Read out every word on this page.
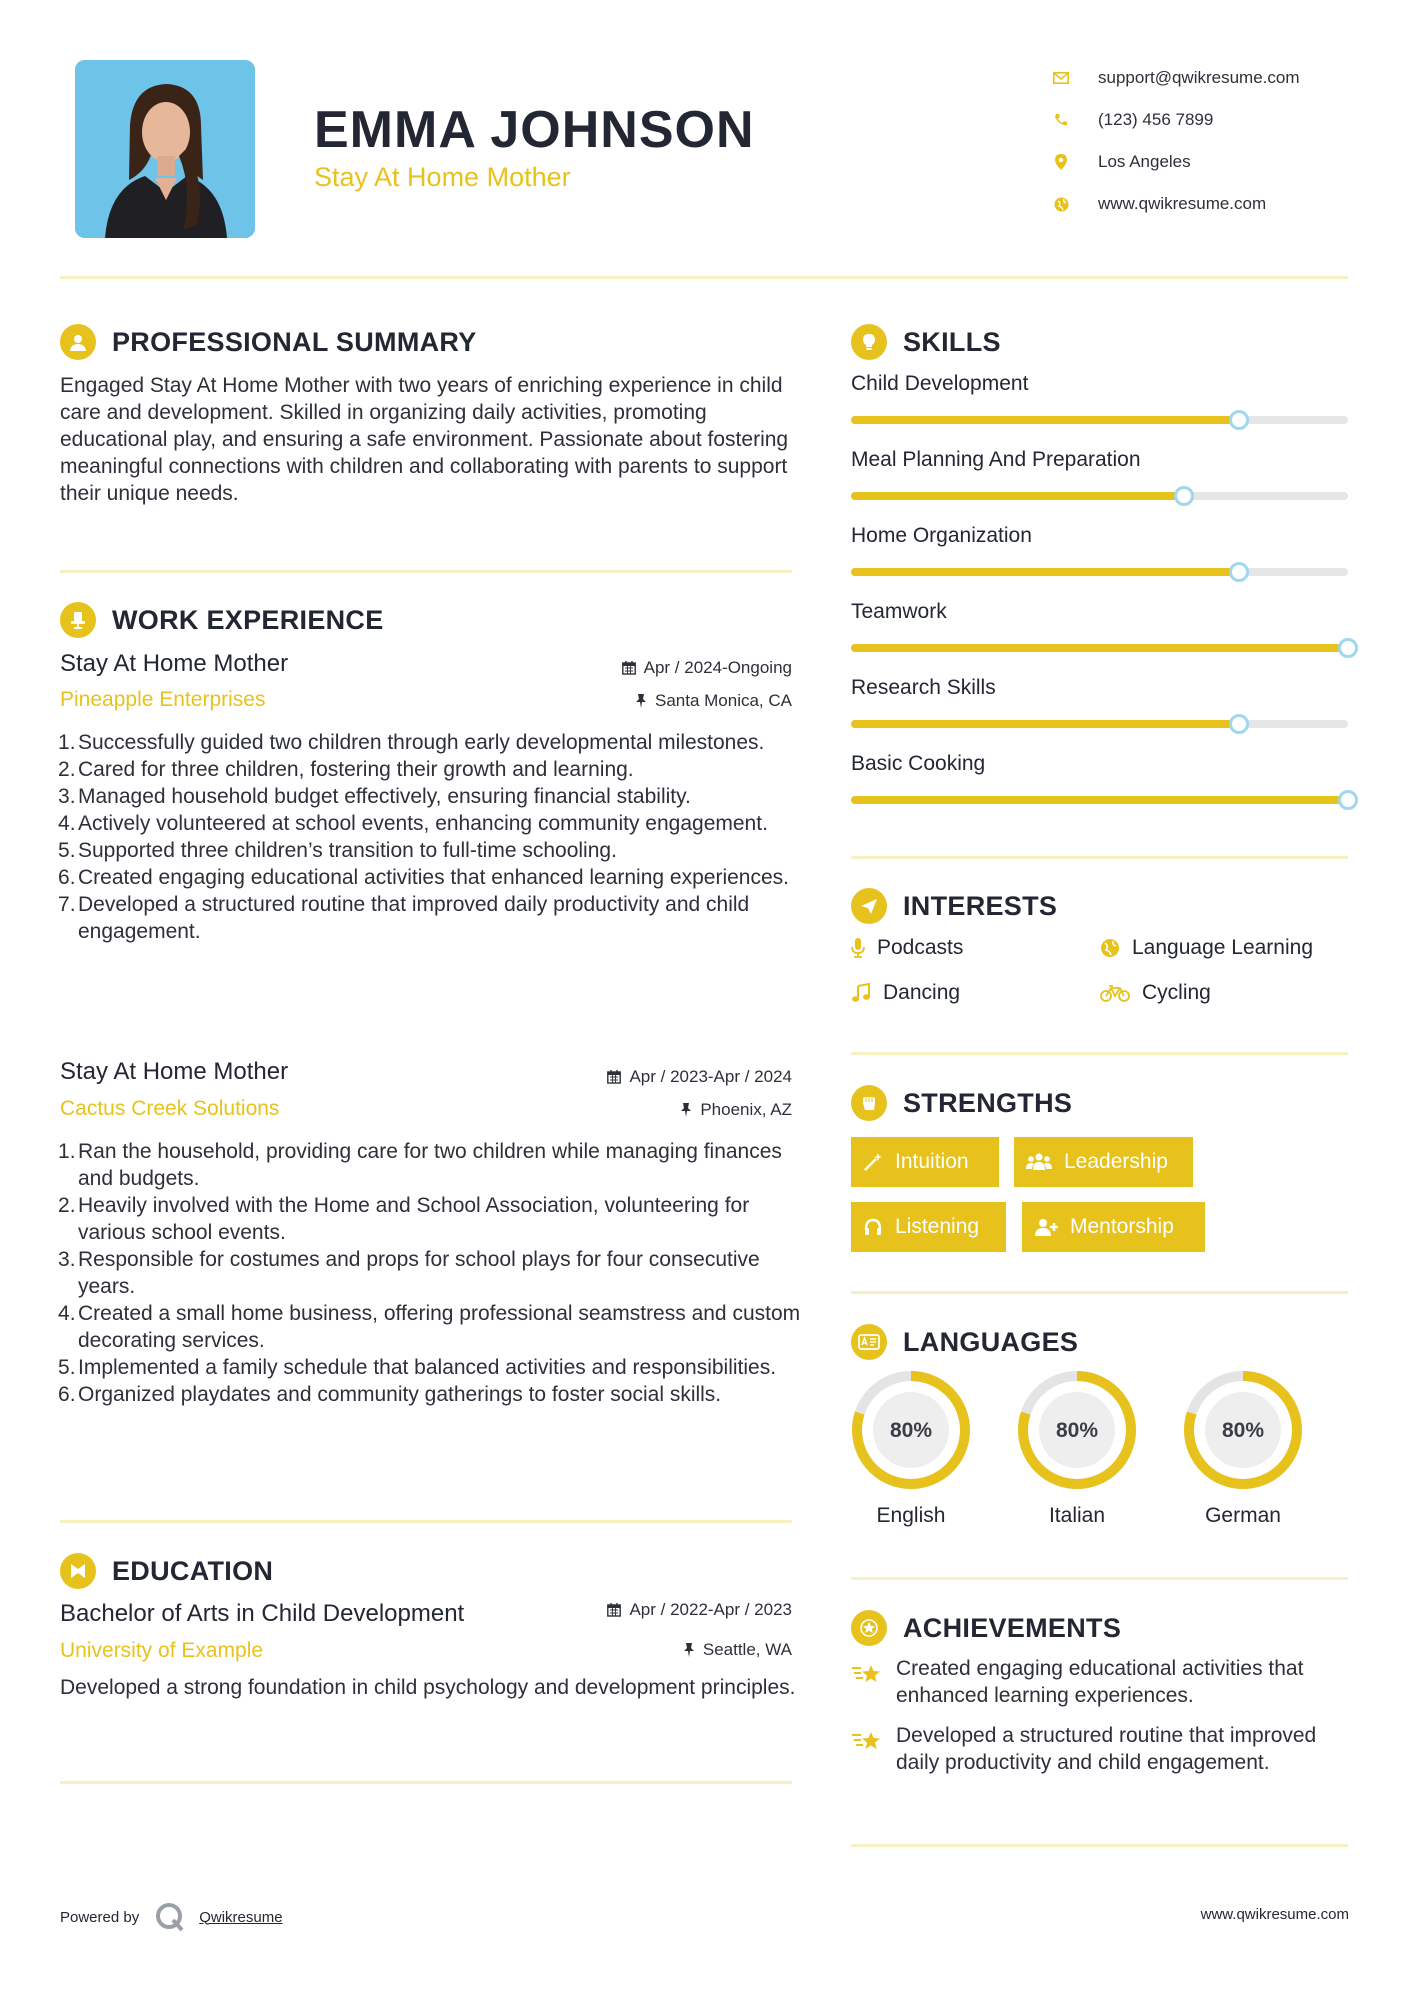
EMMA JOHNSON
Stay At Home Mother
support@qwikresume.com
(123) 456 7899
Los Angeles
www.qwikresume.com
PROFESSIONAL SUMMARY
Engaged Stay At Home Mother with two years of enriching experience in child care and development. Skilled in organizing daily activities, promoting educational play, and ensuring a safe environment. Passionate about fostering meaningful connections with children and collaborating with parents to support their unique needs.
WORK EXPERIENCE
Stay At Home Mother	Apr / 2024-Ongoing
Pineapple Enterprises	Santa Monica, CA
Successfully guided two children through early developmental milestones.
Cared for three children, fostering their growth and learning.
Managed household budget effectively, ensuring financial stability.
Actively volunteered at school events, enhancing community engagement.
Supported three children’s transition to full-time schooling.
Created engaging educational activities that enhanced learning experiences.
Developed a structured routine that improved daily productivity and child engagement.
Stay At Home Mother	Apr / 2023-Apr / 2024
Cactus Creek Solutions	Phoenix, AZ
Ran the household, providing care for two children while managing finances and budgets.
Heavily involved with the Home and School Association, volunteering for various school events.
Responsible for costumes and props for school plays for four consecutive years.
Created a small home business, offering professional seamstress and custom decorating services.
Implemented a family schedule that balanced activities and responsibilities.
Organized playdates and community gatherings to foster social skills.
EDUCATION
Bachelor of Arts in Child Development	Apr / 2022-Apr / 2023
University of Example	Seattle, WA
Developed a strong foundation in child psychology and development principles.
SKILLS
Child Development
Meal Planning And Preparation
Home Organization
Teamwork
Research Skills
Basic Cooking
INTERESTS
Podcasts	Language Learning
Dancing	Cycling
STRENGTHS
Intuition	Leadership
Listening	Mentorship
LANGUAGES
80%
English
80%
Italian
80%
German
ACHIEVEMENTS
Created engaging educational activities that enhanced learning experiences.
Developed a structured routine that improved daily productivity and child engagement.
Powered by	Qwikresume	www.qwikresume.com
